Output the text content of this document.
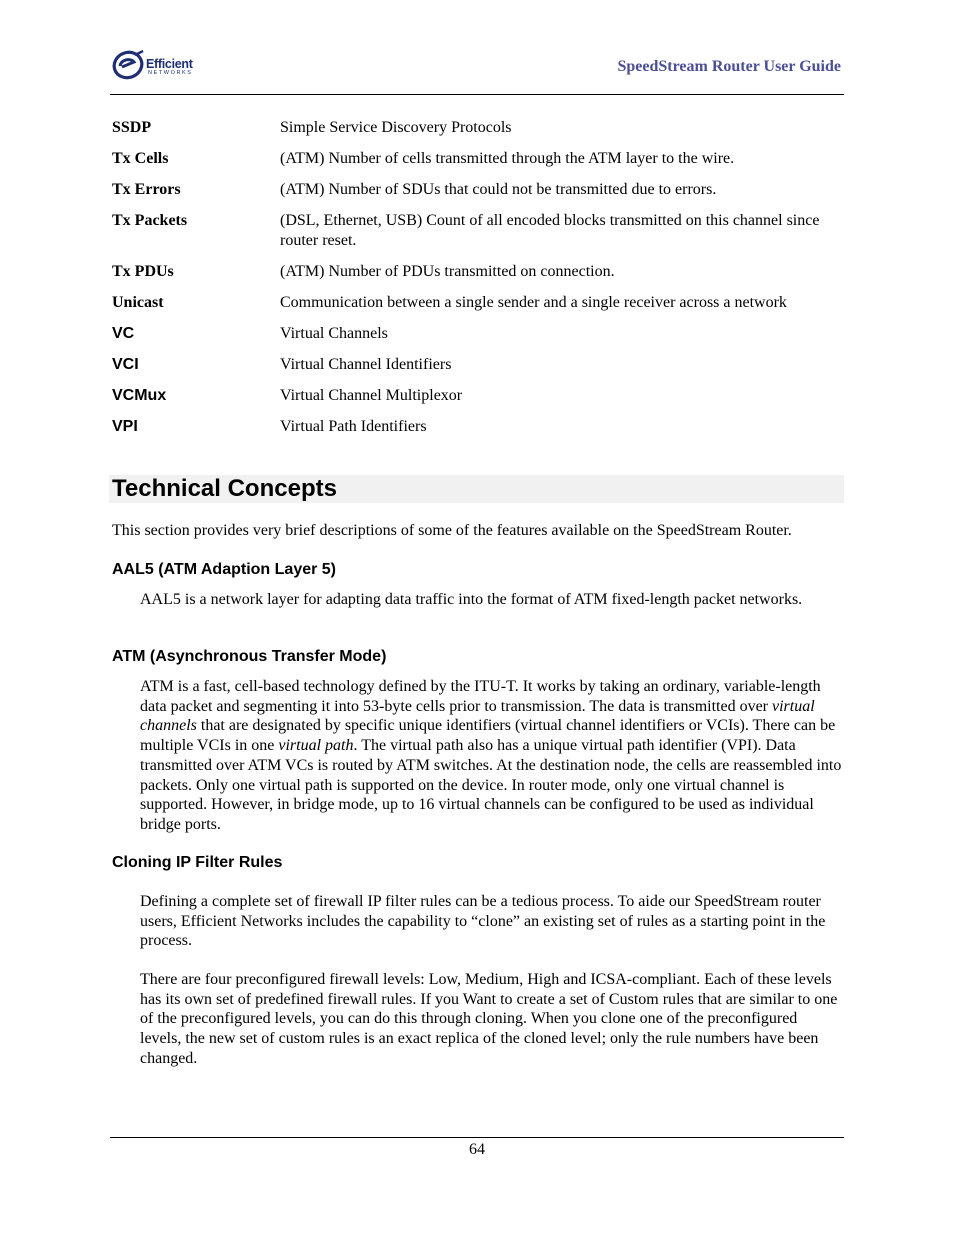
Efficient
NETWORKS	SpeedStream Router User Guide
SSDP	Simple Service Discovery Protocols
Tx Cells	(ATM) Number of cells transmitted through the ATM layer to the wire.
Tx Errors	(ATM) Number of SDUs that could not be transmitted due to errors.
Tx Packets	(DSL, Ethernet, USB) Count of all encoded blocks transmitted on this channel since router reset.
Tx PDUs	(ATM) Number of PDUs transmitted on connection.
Unicast	Communication between a single sender and a single receiver across a network
VC	Virtual Channels
VCI	Virtual Channel Identifiers
VCMux	Virtual Channel Multiplexor
VPI	Virtual Path Identifiers
Technical Concepts
This section provides very brief descriptions of some of the features available on the SpeedStream Router.
AAL5 (ATM Adaption Layer 5)
AAL5 is a network layer for adapting data traffic into the format of ATM fixed-length packet networks.
ATM (Asynchronous Transfer Mode)
ATM is a fast, cell-based technology defined by the ITU-T. It works by taking an ordinary, variable-length data packet and segmenting it into 53-byte cells prior to transmission. The data is transmitted over virtual channels that are designated by specific unique identifiers (virtual channel identifiers or VCIs). There can be multiple VCIs in one virtual path. The virtual path also has a unique virtual path identifier (VPI). Data transmitted over ATM VCs is routed by ATM switches. At the destination node, the cells are reassembled into packets. Only one virtual path is supported on the device. In router mode, only one virtual channel is supported. However, in bridge mode, up to 16 virtual channels can be configured to be used as individual bridge ports.
Cloning IP Filter Rules
Defining a complete set of firewall IP filter rules can be a tedious process. To aide our SpeedStream router users, Efficient Networks includes the capability to “clone” an existing set of rules as a starting point in the process.
There are four preconfigured firewall levels: Low, Medium, High and ICSA-compliant. Each of these levels has its own set of predefined firewall rules. If you Want to create a set of Custom rules that are similar to one of the preconfigured levels, you can do this through cloning. When you clone one of the preconfigured levels, the new set of custom rules is an exact replica of the cloned level; only the rule numbers have been changed.
64
